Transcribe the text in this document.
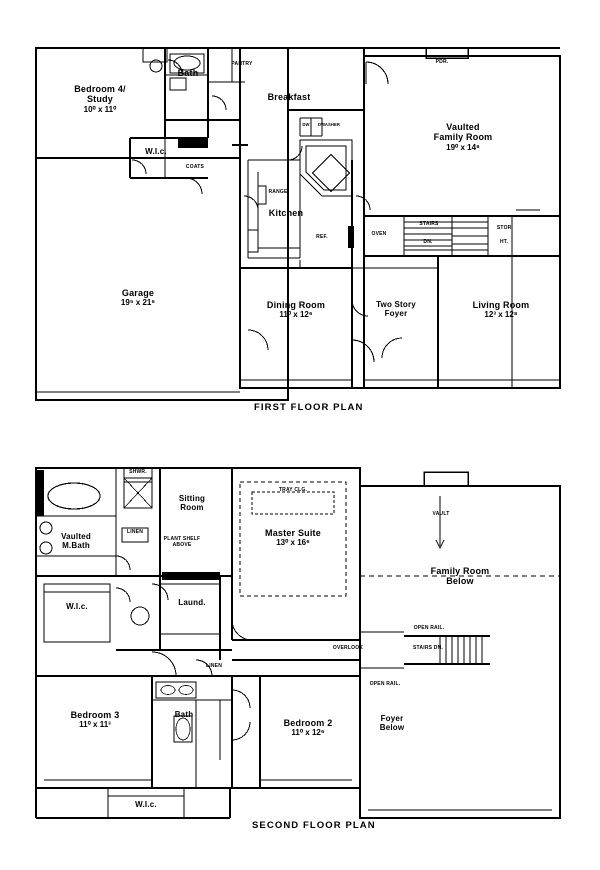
Bedroom 4/
Study
10⁰ x 11⁰
Bath
Breakfast
Vaulted
Family Room
19⁰ x 14⁸
W.I.c.
Kitchen
Garage
19⁵ x 21⁶	Dining Room
11⁰ x 12⁶
Two Story
Foyer
Living Room
12³ x 12⁸
PANTRY	PDR.
DW	DWASHER
RANGE
REF.	OVEN
STAIRS
DN.
STOR.
HT.
COATS
FIRST FLOOR PLAN
Sitting
Room
Master Suite
13⁰ x 16⁶
Vaulted
M.Bath
W.I.c.	Laund.
Family Room
Below
Bedroom 3
11⁰ x 11³
Bath
Bedroom 2
11⁰ x 12⁶
Foyer
Below
W.I.c.
TRAY CLG.
SHWR.
LINEN
PLANT SHELF ABOVE
VAULT
OPEN RAIL.
OVERLOOK	STAIRS DN.
OPEN RAIL.
LINEN
SECOND FLOOR PLAN
